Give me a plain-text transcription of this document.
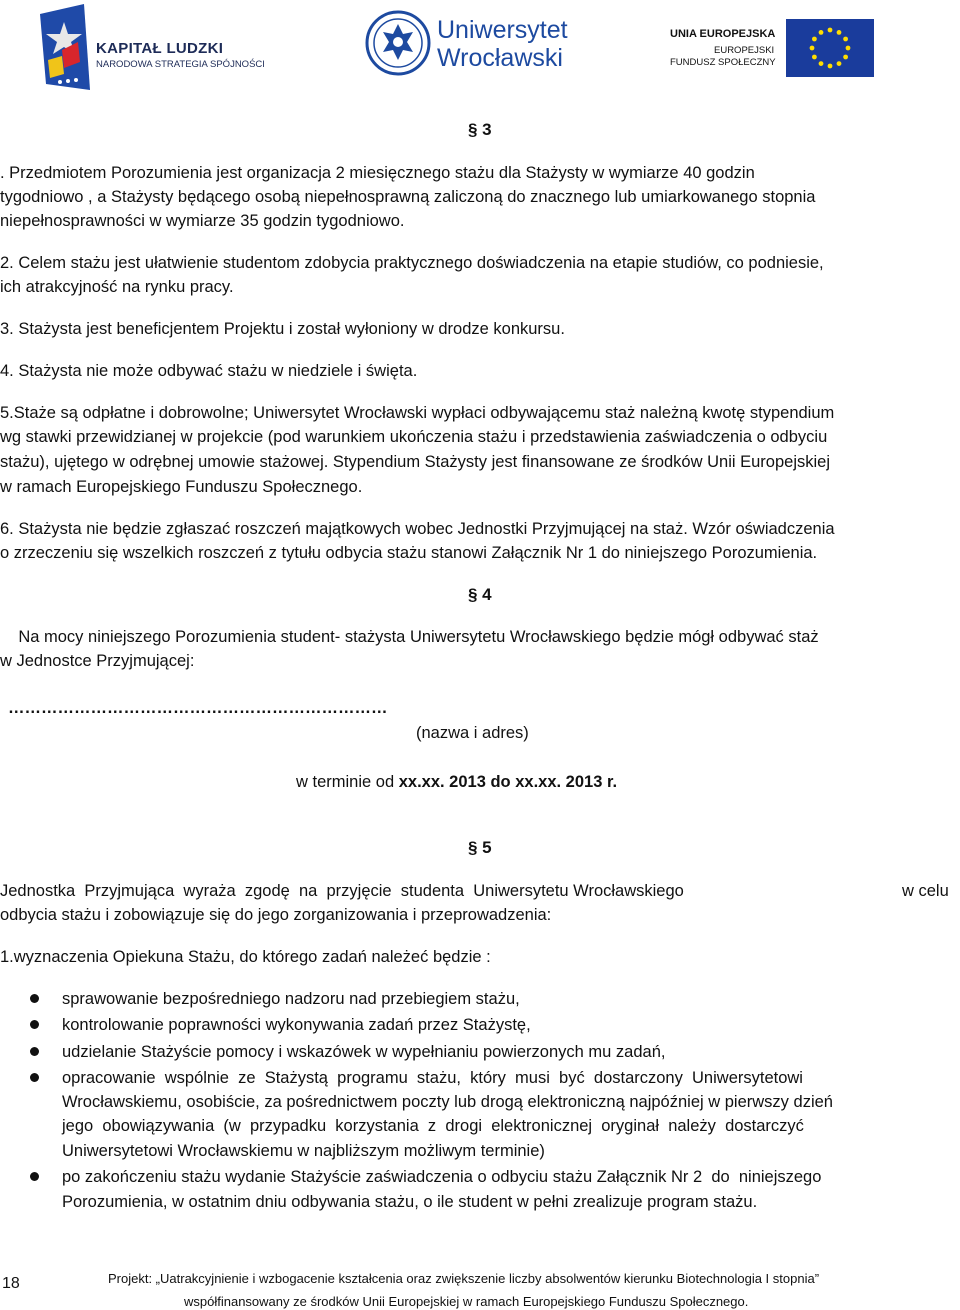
KAPITAŁ LUDZKI
NARODOWA STRATEGIA SPÓJNOŚCI
Uniwersytet
Wrocławski
UNIA EUROPEJSKA
EUROPEJSKI
FUNDUSZ SPOŁECZNY
§ 3
. Przedmiotem Porozumienia jest organizacja 2 miesięcznego stażu dla Stażysty w wymiarze 40 godzin
tygodniowo , a Stażysty będącego osobą niepełnosprawną zaliczoną do znacznego lub umiarkowanego stopnia
niepełnosprawności w wymiarze 35 godzin tygodniowo.
2. Celem stażu jest ułatwienie studentom zdobycia praktycznego doświadczenia na etapie studiów, co podniesie,
ich atrakcyjność na rynku pracy.
3. Stażysta jest beneficjentem Projektu i został wyłoniony w drodze konkursu.
4. Stażysta nie może odbywać stażu w niedziele i święta.
5.Staże są odpłatne i dobrowolne; Uniwersytet Wrocławski wypłaci odbywającemu staż należną kwotę stypendium
wg stawki przewidzianej w projekcie (pod warunkiem ukończenia stażu i przedstawienia zaświadczenia o odbyciu
stażu), ujętego w odrębnej umowie stażowej. Stypendium Stażysty jest finansowane ze środków Unii Europejskiej
w ramach Europejskiego Funduszu Społecznego.
6. Stażysta nie będzie zgłaszać roszczeń majątkowych wobec Jednostki Przyjmującej na staż. Wzór oświadczenia
o zrzeczeniu się wszelkich roszczeń z tytułu odbycia stażu stanowi Załącznik Nr 1 do niniejszego Porozumienia.
§ 4
Na mocy niniejszego Porozumienia student- stażysta Uniwersytetu Wrocławskiego będzie mógł odbywać staż
w Jednostce Przyjmującej:
……………………………………………………………
(nazwa i adres)
w terminie od xx.xx. 2013 do xx.xx. 2013 r.
§ 5
Jednostka  Przyjmująca  wyraża  zgodę  na  przyjęcie  studenta  Uniwersytetu Wrocławskiego	w celu
odbycia stażu i zobowiązuje się do jego zorganizowania i przeprowadzenia:
1.wyznaczenia Opiekuna Stażu, do którego zadań należeć będzie :
sprawowanie bezpośredniego nadzoru nad przebiegiem stażu,
kontrolowanie poprawności wykonywania zadań przez Stażystę,
udzielanie Stażyście pomocy i wskazówek w wypełnianiu powierzonych mu zadań,
opracowanie  wspólnie  ze  Stażystą  programu  stażu,  który  musi  być  dostarczony  Uniwersytetowi
Wrocławskiemu, osobiście, za pośrednictwem poczty lub drogą elektroniczną najpóźniej w pierwszy dzień
jego  obowiązywania  (w  przypadku  korzystania  z  drogi  elektronicznej  oryginał  należy  dostarczyć
Uniwersytetowi Wrocławskiemu w najbliższym możliwym terminie)
po zakończeniu stażu wydanie Stażyście zaświadczenia o odbyciu stażu Załącznik Nr 2  do  niniejszego
Porozumienia, w ostatnim dniu odbywania stażu, o ile student w pełni zrealizuje program stażu.
18	Projekt: „Uatrakcyjnienie i wzbogacenie kształcenia oraz zwiększenie liczby absolwentów kierunku Biotechnologia I stopnia”
współfinansowany ze środków Unii Europejskiej w ramach Europejskiego Funduszu Społecznego.
